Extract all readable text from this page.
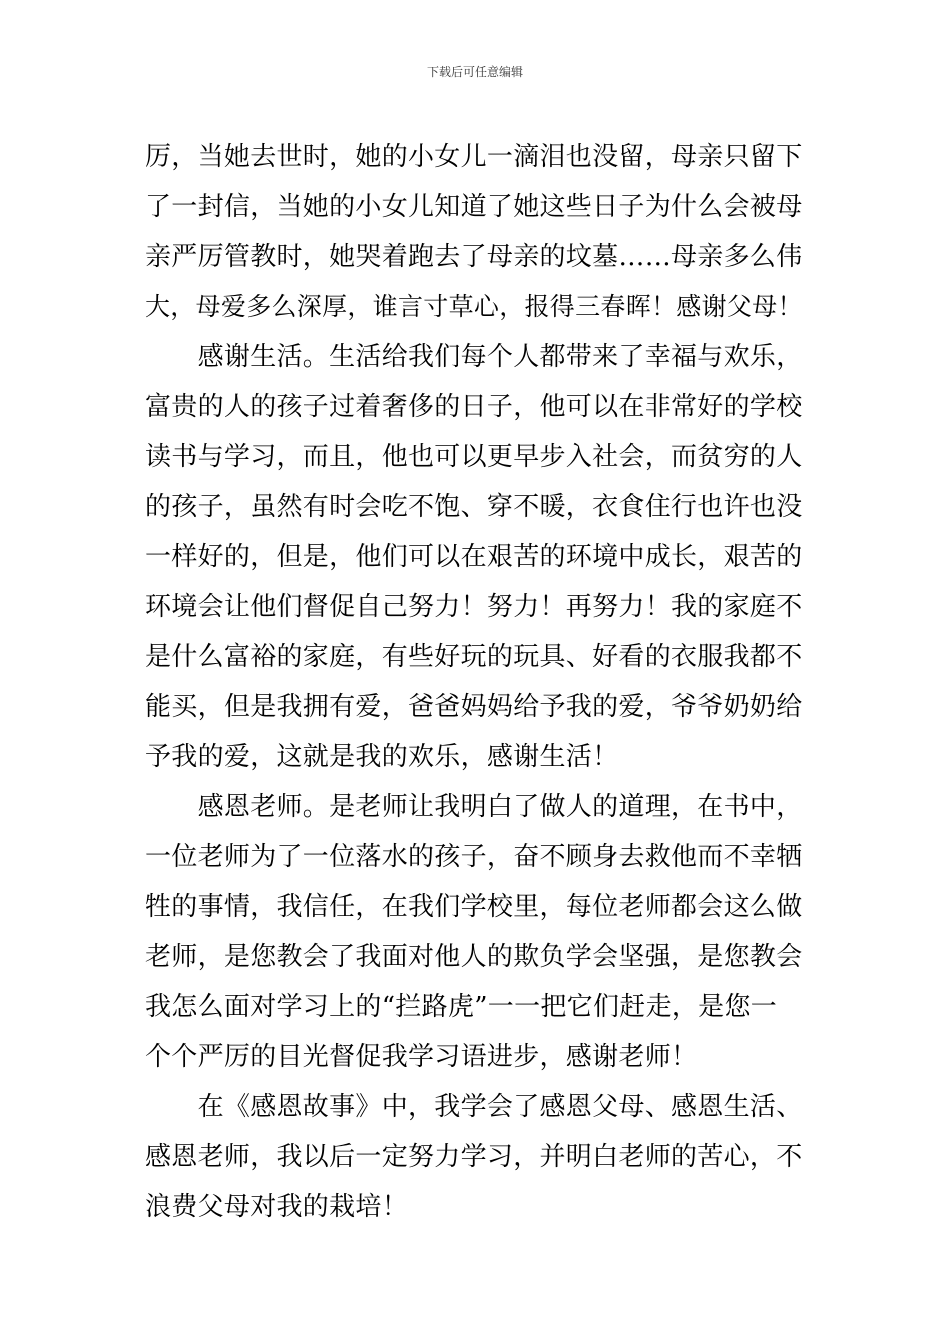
下载后可任意编辑
厉，当她去世时，她的小女儿一滴泪也没留，母亲只留下
了一封信，当她的小女儿知道了她这些日子为什么会被母
亲严厉管教时，她哭着跑去了母亲的坟墓……母亲多么伟
大，母爱多么深厚，谁言寸草心，报得三春晖！感谢父母！
　　感谢生活。生活给我们每个人都带来了幸福与欢乐，
富贵的人的孩子过着奢侈的日子，他可以在非常好的学校
读书与学习，而且，他也可以更早步入社会，而贫穷的人
的孩子，虽然有时会吃不饱、穿不暖，衣食住行也许也没
一样好的，但是，他们可以在艰苦的环境中成长，艰苦的
环境会让他们督促自己努力！努力！再努力！我的家庭不
是什么富裕的家庭，有些好玩的玩具、好看的衣服我都不
能买，但是我拥有爱，爸爸妈妈给予我的爱，爷爷奶奶给
予我的爱，这就是我的欢乐，感谢生活！
　　感恩老师。是老师让我明白了做人的道理，在书中，
一位老师为了一位落水的孩子，奋不顾身去救他而不幸牺
牲的事情，我信任，在我们学校里，每位老师都会这么做
老师，是您教会了我面对他人的欺负学会坚强，是您教会
我怎么面对学习上的“拦路虎”一一把它们赶走，是您一
个个严厉的目光督促我学习语进步，感谢老师！
　　在《感恩故事》中，我学会了感恩父母、感恩生活、
感恩老师，我以后一定努力学习，并明白老师的苦心，不
浪费父母对我的栽培！
